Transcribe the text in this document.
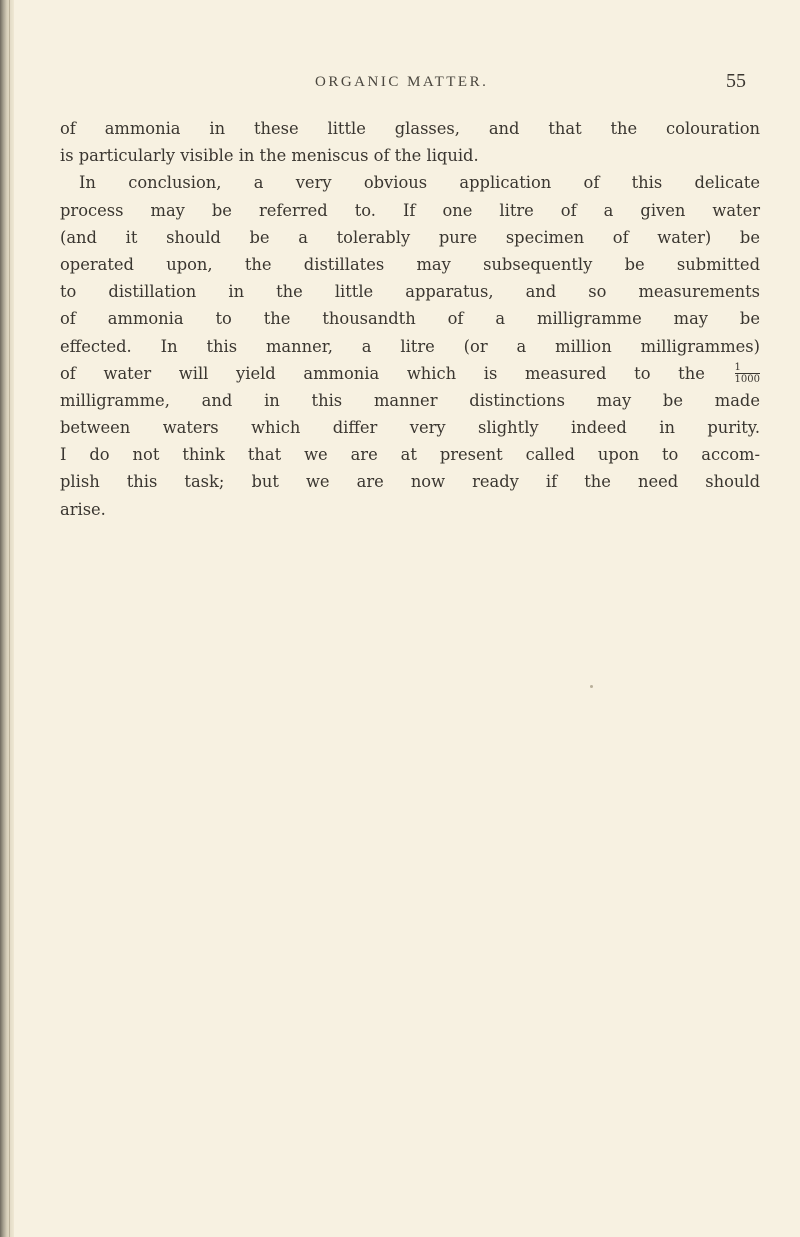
ORGANIC MATTER.	55
of ammonia in these little glasses, and that the colouration
is particularly visible in the meniscus of the liquid.
In conclusion, a very obvious application of this delicate
process may be referred to. If one litre of a given water
(and it should be a tolerably pure specimen of water) be
operated upon, the distillates may subsequently be submitted
to distillation in the little apparatus, and so measurements
of ammonia to the thousandth of a milligramme may be
effected. In this manner, a litre (or a million milligrammes)
of water will yield ammonia which is measured to the	$\frac{1}{1000}$
milligramme, and in this manner distinctions may be made
between waters which differ very slightly indeed in purity.
I do not think that we are at present called upon to accom-
plish this task; but we are now ready if the need should
arise.
